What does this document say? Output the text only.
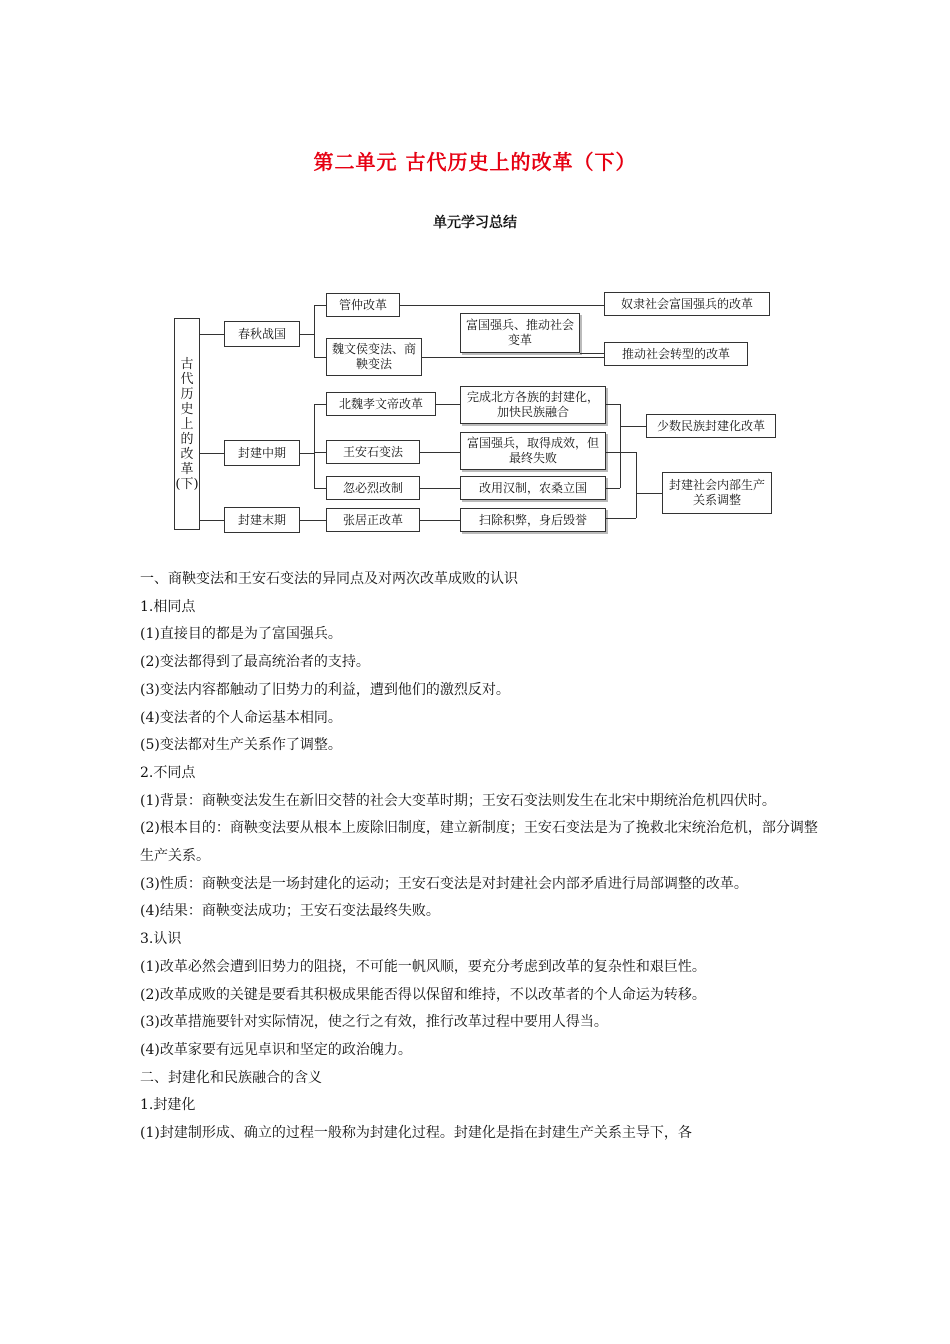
第二单元 古代历史上的改革（下）
单元学习总结
古
代
历
史
上
的
改
革
(下)
春秋战国
封建中期
封建末期
管仲改革
魏文侯变法、商鞅变法
北魏孝文帝改革
王安石变法
忽必烈改制
张居正改革
富国强兵、推动社会变革
奴隶社会富国强兵的改革
推动社会转型的改革
完成北方各族的封建化，加快民族融合
富国强兵，取得成效，但最终失败
改用汉制，农桑立国
扫除积弊，身后毁誉
少数民族封建化改革
封建社会内部生产关系调整

一、商鞅变法和王安石变法的异同点及对两次改革成败的认识

1.相同点

(1)直接目的都是为了富国强兵。

(2)变法都得到了最高统治者的支持。

(3)变法内容都触动了旧势力的利益，遭到他们的激烈反对。

(4)变法者的个人命运基本相同。

(5)变法都对生产关系作了调整。

2.不同点

(1)背景：商鞅变法发生在新旧交替的社会大变革时期；王安石变法则发生在北宋中期统治危机四伏时。

(2)根本目的：商鞅变法要从根本上废除旧制度，建立新制度；王安石变法是为了挽救北宋统治危机，部分调整生产关系。

(3)性质：商鞅变法是一场封建化的运动；王安石变法是对封建社会内部矛盾进行局部调整的改革。

(4)结果：商鞅变法成功；王安石变法最终失败。

3.认识

(1)改革必然会遭到旧势力的阻挠，不可能一帆风顺，要充分考虑到改革的复杂性和艰巨性。

(2)改革成败的关键是要看其积极成果能否得以保留和维持，不以改革者的个人命运为转移。

(3)改革措施要针对实际情况，使之行之有效，推行改革过程中要用人得当。

(4)改革家要有远见卓识和坚定的政治魄力。

二、封建化和民族融合的含义

1.封建化

(1)封建制形成、确立的过程一般称为封建化过程。封建化是指在封建生产关系主导下，各
